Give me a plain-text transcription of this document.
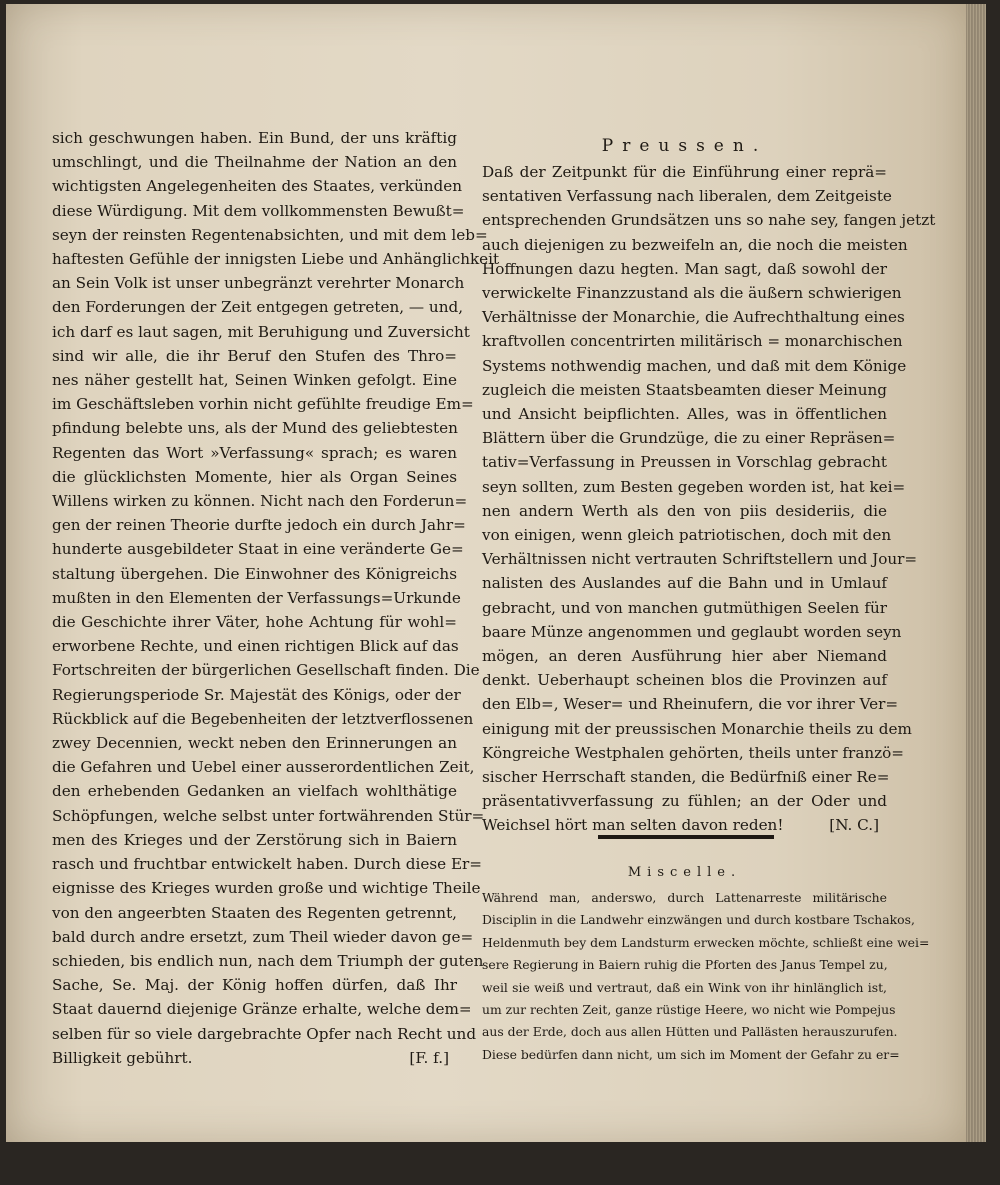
sich geschwungen haben. Ein Bund, der uns kräftig
umschlingt, und die Theilnahme der Nation an den
wichtigsten Angelegenheiten des Staates, verkünden
diese Würdigung. Mit dem vollkommensten Bewußt=
seyn der reinsten Regentenabsichten, und mit dem leb=
haftesten Gefühle der innigsten Liebe und Anhänglichkeit
an Sein Volk ist unser unbegränzt verehrter Monarch
den Forderungen der Zeit entgegen getreten, — und,
ich darf es laut sagen, mit Beruhigung und Zuversicht
sind wir alle, die ihr Beruf den Stufen des Thro=
nes näher gestellt hat, Seinen Winken gefolgt. Eine
im Geschäftsleben vorhin nicht gefühlte freudige Em=
pfindung belebte uns, als der Mund des geliebtesten
Regenten das Wort »Verfassung« sprach; es waren
die glücklichsten Momente, hier als Organ Seines
Willens wirken zu können. Nicht nach den Forderun=
gen der reinen Theorie durfte jedoch ein durch Jahr=
hunderte ausgebildeter Staat in eine veränderte Ge=
staltung übergehen. Die Einwohner des Königreichs
mußten in den Elementen der Verfassungs=Urkunde
die Geschichte ihrer Väter, hohe Achtung für wohl=
erworbene Rechte, und einen richtigen Blick auf das
Fortschreiten der bürgerlichen Gesellschaft finden. Die
Regierungsperiode Sr. Majestät des Königs, oder der
Rückblick auf die Begebenheiten der letztverflossenen
zwey Decennien, weckt neben den Erinnerungen an
die Gefahren und Uebel einer ausserordentlichen Zeit,
den erhebenden Gedanken an vielfach wohlthätige
Schöpfungen, welche selbst unter fortwährenden Stür=
men des Krieges und der Zerstörung sich in Baiern
rasch und fruchtbar entwickelt haben. Durch diese Er=
eignisse des Krieges wurden große und wichtige Theile
von den angeerbten Staaten des Regenten getrennt,
bald durch andre ersetzt, zum Theil wieder davon ge=
schieden, bis endlich nun, nach dem Triumph der guten
Sache, Se. Maj. der König hoffen dürfen, daß Ihr
Staat dauernd diejenige Gränze erhalte, welche dem=
selben für so viele dargebrachte Opfer nach Recht und
Billigkeit gebührt.	[F. f.]
Preussen.
Daß der Zeitpunkt für die Einführung einer reprä=
sentativen Verfassung nach liberalen, dem Zeitgeiste
entsprechenden Grundsätzen uns so nahe sey, fangen jetzt
auch diejenigen zu bezweifeln an, die noch die meisten
Hoffnungen dazu hegten. Man sagt, daß sowohl der
verwickelte Finanzzustand als die äußern schwierigen
Verhältnisse der Monarchie, die Aufrechthaltung eines
kraftvollen concentrirten militärisch = monarchischen
Systems nothwendig machen, und daß mit dem Könige
zugleich die meisten Staatsbeamten dieser Meinung
und Ansicht beipflichten. Alles, was in öffentlichen
Blättern über die Grundzüge, die zu einer Repräsen=
tativ=Verfassung in Preussen in Vorschlag gebracht
seyn sollten, zum Besten gegeben worden ist, hat kei=
nen andern Werth als den von piis desideriis, die
von einigen, wenn gleich patriotischen, doch mit den
Verhältnissen nicht vertrauten Schriftstellern und Jour=
nalisten des Auslandes auf die Bahn und in Umlauf
gebracht, und von manchen gutmüthigen Seelen für
baare Münze angenommen und geglaubt worden seyn
mögen, an deren Ausführung hier aber Niemand
denkt. Ueberhaupt scheinen blos die Provinzen auf
den Elb=, Weser= und Rheinufern, die vor ihrer Ver=
einigung mit der preussischen Monarchie theils zu dem
Köngreiche Westphalen gehörten, theils unter franzö=
sischer Herrschaft standen, die Bedürfniß einer Re=
präsentativverfassung zu fühlen; an der Oder und
Weichsel hört man selten davon reden!	[N. C.]
Miscelle.
Während man, anderswo, durch Lattenarreste militärische
Disciplin in die Landwehr einzwängen und durch kostbare Tschakos,
Heldenmuth bey dem Landsturm erwecken möchte, schließt eine wei=
sere Regierung in Baiern ruhig die Pforten des Janus Tempel zu,
weil sie weiß und vertraut, daß ein Wink von ihr hinlänglich ist,
um zur rechten Zeit, ganze rüstige Heere, wo nicht wie Pompejus
aus der Erde, doch aus allen Hütten und Pallästen herauszurufen.
Diese bedürfen dann nicht, um sich im Moment der Gefahr zu er=
